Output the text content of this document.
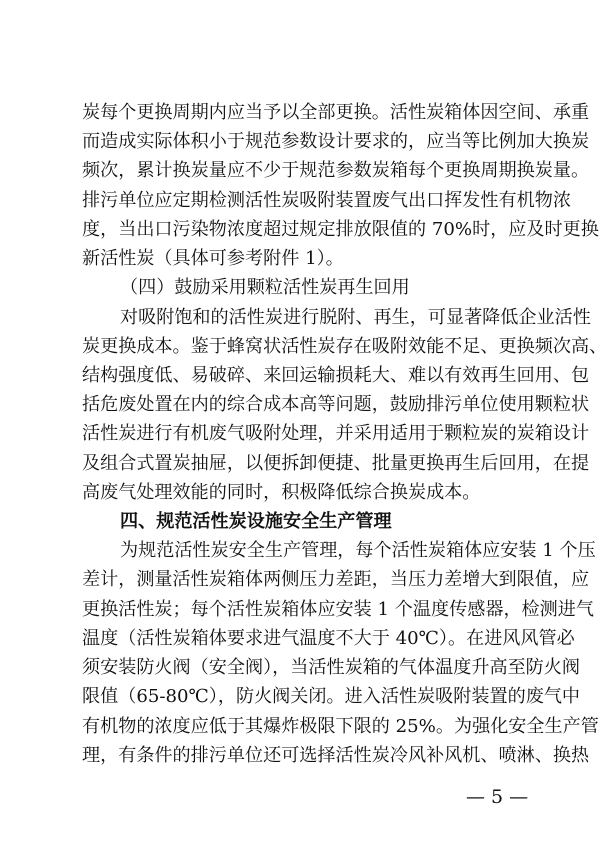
炭每个更换周期内应当予以全部更换。活性炭箱体因空间、承重
而造成实际体积小于规范参数设计要求的，应当等比例加大换炭
频次，累计换炭量应不少于规范参数炭箱每个更换周期换炭量。
排污单位应定期检测活性炭吸附装置废气出口挥发性有机物浓
度，当出口污染物浓度超过规定排放限值的 70%时，应及时更换
新活性炭（具体可参考附件 1）。
（四）鼓励采用颗粒活性炭再生回用
对吸附饱和的活性炭进行脱附、再生，可显著降低企业活性
炭更换成本。鉴于蜂窝状活性炭存在吸附效能不足、更换频次高、
结构强度低、易破碎、来回运输损耗大、难以有效再生回用、包
括危废处置在内的综合成本高等问题，鼓励排污单位使用颗粒状
活性炭进行有机废气吸附处理，并采用适用于颗粒炭的炭箱设计
及组合式置炭抽屉，以便拆卸便捷、批量更换再生后回用，在提
高废气处理效能的同时，积极降低综合换炭成本。
四、规范活性炭设施安全生产管理
为规范活性炭安全生产管理，每个活性炭箱体应安装 1 个压
差计，测量活性炭箱体两侧压力差距，当压力差增大到限值，应
更换活性炭；每个活性炭箱体应安装 1 个温度传感器，检测进气
温度（活性炭箱体要求进气温度不大于 40℃）。在进风风管必
须安装防火阀（安全阀），当活性炭箱的气体温度升高至防火阀
限值（65-80℃），防火阀关闭。进入活性炭吸附装置的废气中
有机物的浓度应低于其爆炸极限下限的 25%。为强化安全生产管
理，有条件的排污单位还可选择活性炭冷风补风机、喷淋、换热
— 5 —
